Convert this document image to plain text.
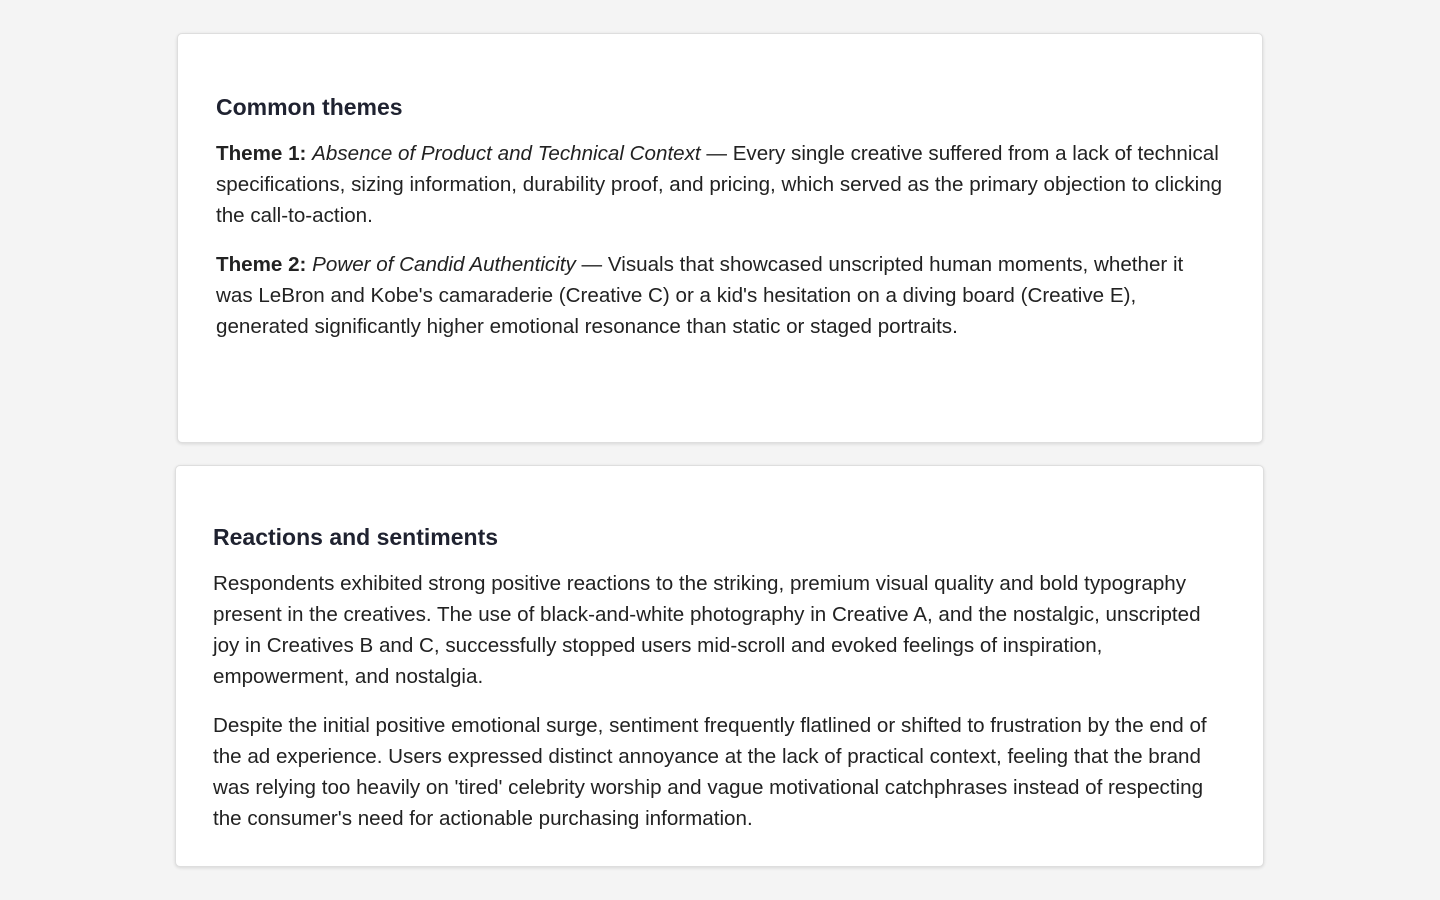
Common themes

Theme 1: Absence of Product and Technical Context — Every single creative suffered from a lack of technical specifications, sizing information, durability proof, and pricing, which served as the primary objection to clicking the call-to-action.

Theme 2: Power of Candid Authenticity — Visuals that showcased unscripted human moments, whether it was LeBron and Kobe's camaraderie (Creative C) or a kid's hesitation on a diving board (Creative E), generated significantly higher emotional resonance than static or staged portraits.

Reactions and sentiments

Respondents exhibited strong positive reactions to the striking, premium visual quality and bold typography present in the creatives. The use of black-and-white photography in Creative A, and the nostalgic, unscripted joy in Creatives B and C, successfully stopped users mid-scroll and evoked feelings of inspiration, empowerment, and nostalgia.

Despite the initial positive emotional surge, sentiment frequently flatlined or shifted to frustration by the end of the ad experience. Users expressed distinct annoyance at the lack of practical context, feeling that the brand was relying too heavily on 'tired' celebrity worship and vague motivational catchphrases instead of respecting the consumer's need for actionable purchasing information.
